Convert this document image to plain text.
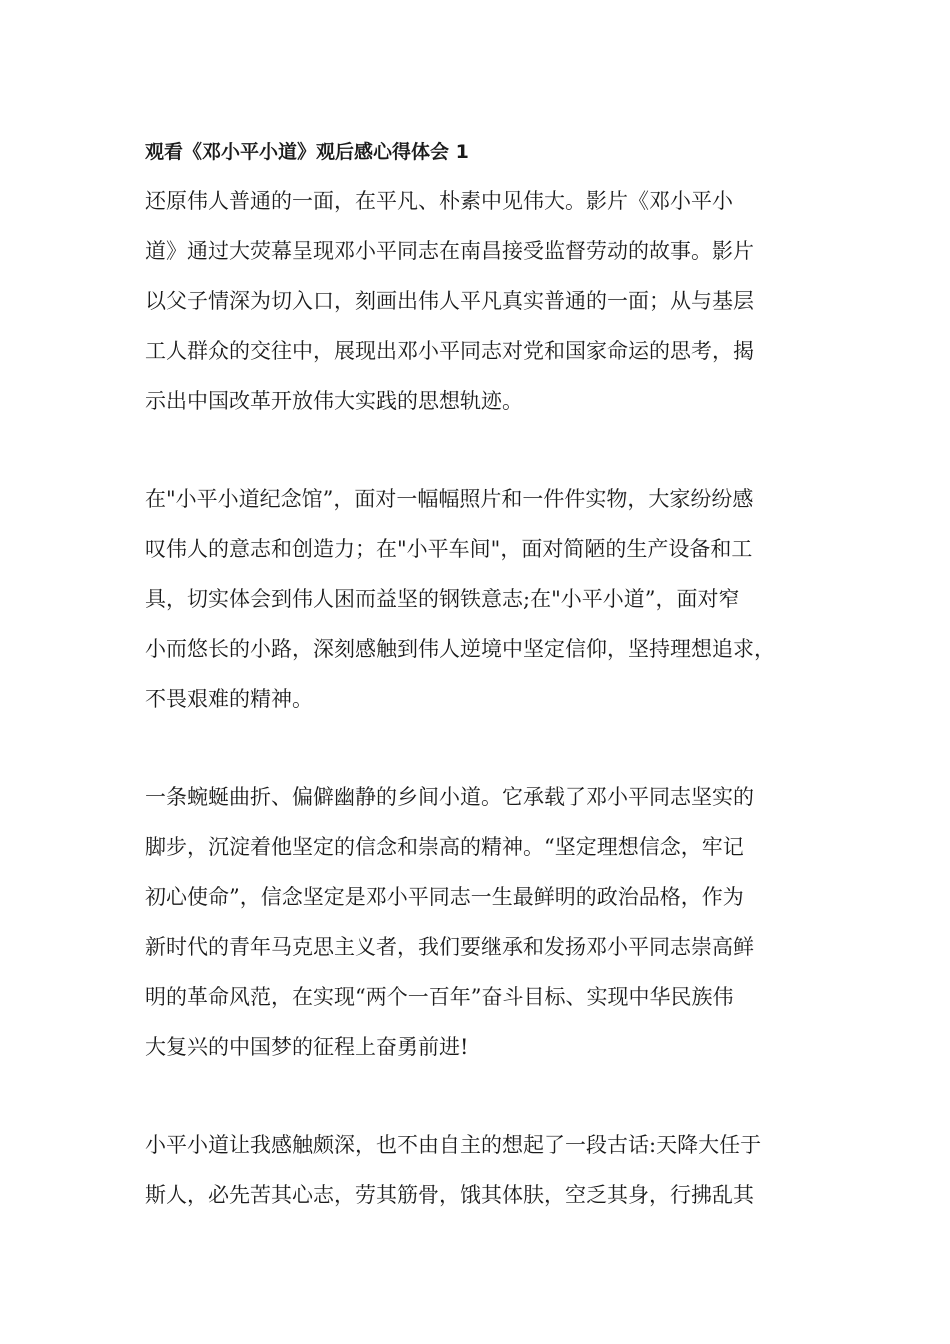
观看《邓小平小道》观后感心得体会 1
还原伟人普通的一面，在平凡、朴素中见伟大。影片《邓小平小
道》通过大荧幕呈现邓小平同志在南昌接受监督劳动的故事。影片
以父子情深为切入口，刻画出伟人平凡真实普通的一面；从与基层
工人群众的交往中，展现出邓小平同志对党和国家命运的思考，揭
示出中国改革开放伟大实践的思想轨迹。
在"小平小道纪念馆”，面对一幅幅照片和一件件实物，大家纷纷感
叹伟人的意志和创造力；在"小平车间"，面对简陋的生产设备和工
具，切实体会到伟人困而益坚的钢铁意志;在"小平小道”，面对窄
小而悠长的小路，深刻感触到伟人逆境中坚定信仰，坚持理想追求，
不畏艰难的精神。
一条蜿蜒曲折、偏僻幽静的乡间小道。它承载了邓小平同志坚实的
脚步，沉淀着他坚定的信念和崇高的精神。“坚定理想信念，牢记
初心使命”，信念坚定是邓小平同志一生最鲜明的政治品格，作为
新时代的青年马克思主义者，我们要继承和发扬邓小平同志崇高鲜
明的革命风范，在实现“两个一百年”奋斗目标、实现中华民族伟
大复兴的中国梦的征程上奋勇前进!
小平小道让我感触颇深，也不由自主的想起了一段古话:天降大任于
斯人，必先苦其心志，劳其筋骨，饿其体肤，空乏其身，行拂乱其
